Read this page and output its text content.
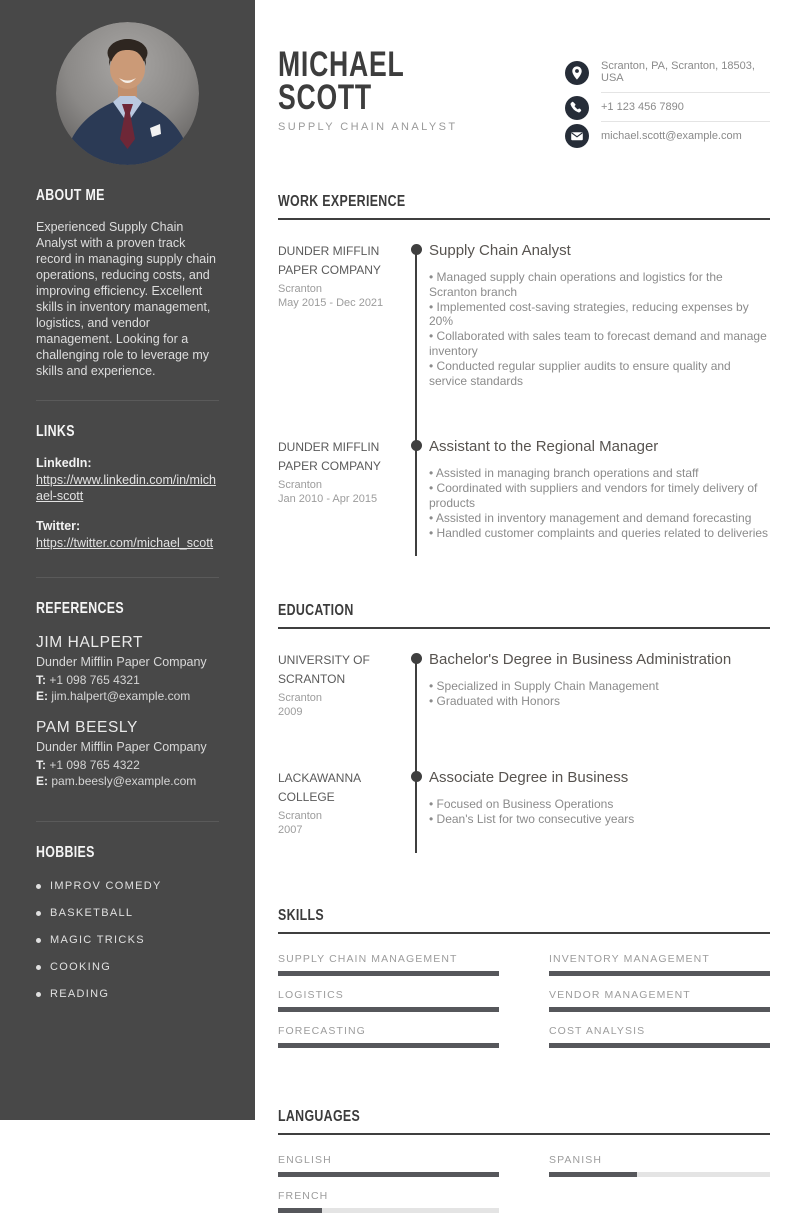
ABOUT ME

Experienced Supply Chain Analyst with a proven track record in managing supply chain operations, reducing costs, and improving efficiency. Excellent skills in inventory management, logistics, and vendor management. Looking for a challenging role to leverage my skills and experience.

LINKS
LinkedIn:
https://www.linkedin.com/in/michael-scott
Twitter:
https://twitter.com/michael_scott
REFERENCES
JIM HALPERT
Dunder Mifflin Paper Company
T: +1 098 765 4321
E: jim.halpert@example.com
PAM BEESLY
Dunder Mifflin Paper Company
T: +1 098 765 4322
E: pam.beesly@example.com
HOBBIES
IMPROV COMEDY
BASKETBALL
MAGIC TRICKS
COOKING
READING
MICHAEL
SCOTT
SUPPLY CHAIN ANALYST
Scranton, PA, Scranton, 18503, USA
+1 123 456 7890
michael.scott@example.com
WORK EXPERIENCE
DUNDER MIFFLIN PAPER COMPANY
Scranton
May 2015 - Dec 2021
Supply Chain Analyst
• Managed supply chain operations and logistics for the Scranton branch
• Implemented cost-saving strategies, reducing expenses by 20%
• Collaborated with sales team to forecast demand and manage inventory
• Conducted regular supplier audits to ensure quality and service standards
DUNDER MIFFLIN PAPER COMPANY
Scranton
Jan 2010 - Apr 2015
Assistant to the Regional Manager
• Assisted in managing branch operations and staff
• Coordinated with suppliers and vendors for timely delivery of products
• Assisted in inventory management and demand forecasting
• Handled customer complaints and queries related to deliveries
EDUCATION
UNIVERSITY OF SCRANTON
Scranton
2009
Bachelor's Degree in Business Administration
• Specialized in Supply Chain Management
• Graduated with Honors
LACKAWANNA COLLEGE
Scranton
2007
Associate Degree in Business
• Focused on Business Operations
• Dean's List for two consecutive years
SKILLS
SUPPLY CHAIN MANAGEMENT	INVENTORY MANAGEMENT
LOGISTICS	VENDOR MANAGEMENT
FORECASTING	COST ANALYSIS
LANGUAGES
ENGLISH	SPANISH
FRENCH
